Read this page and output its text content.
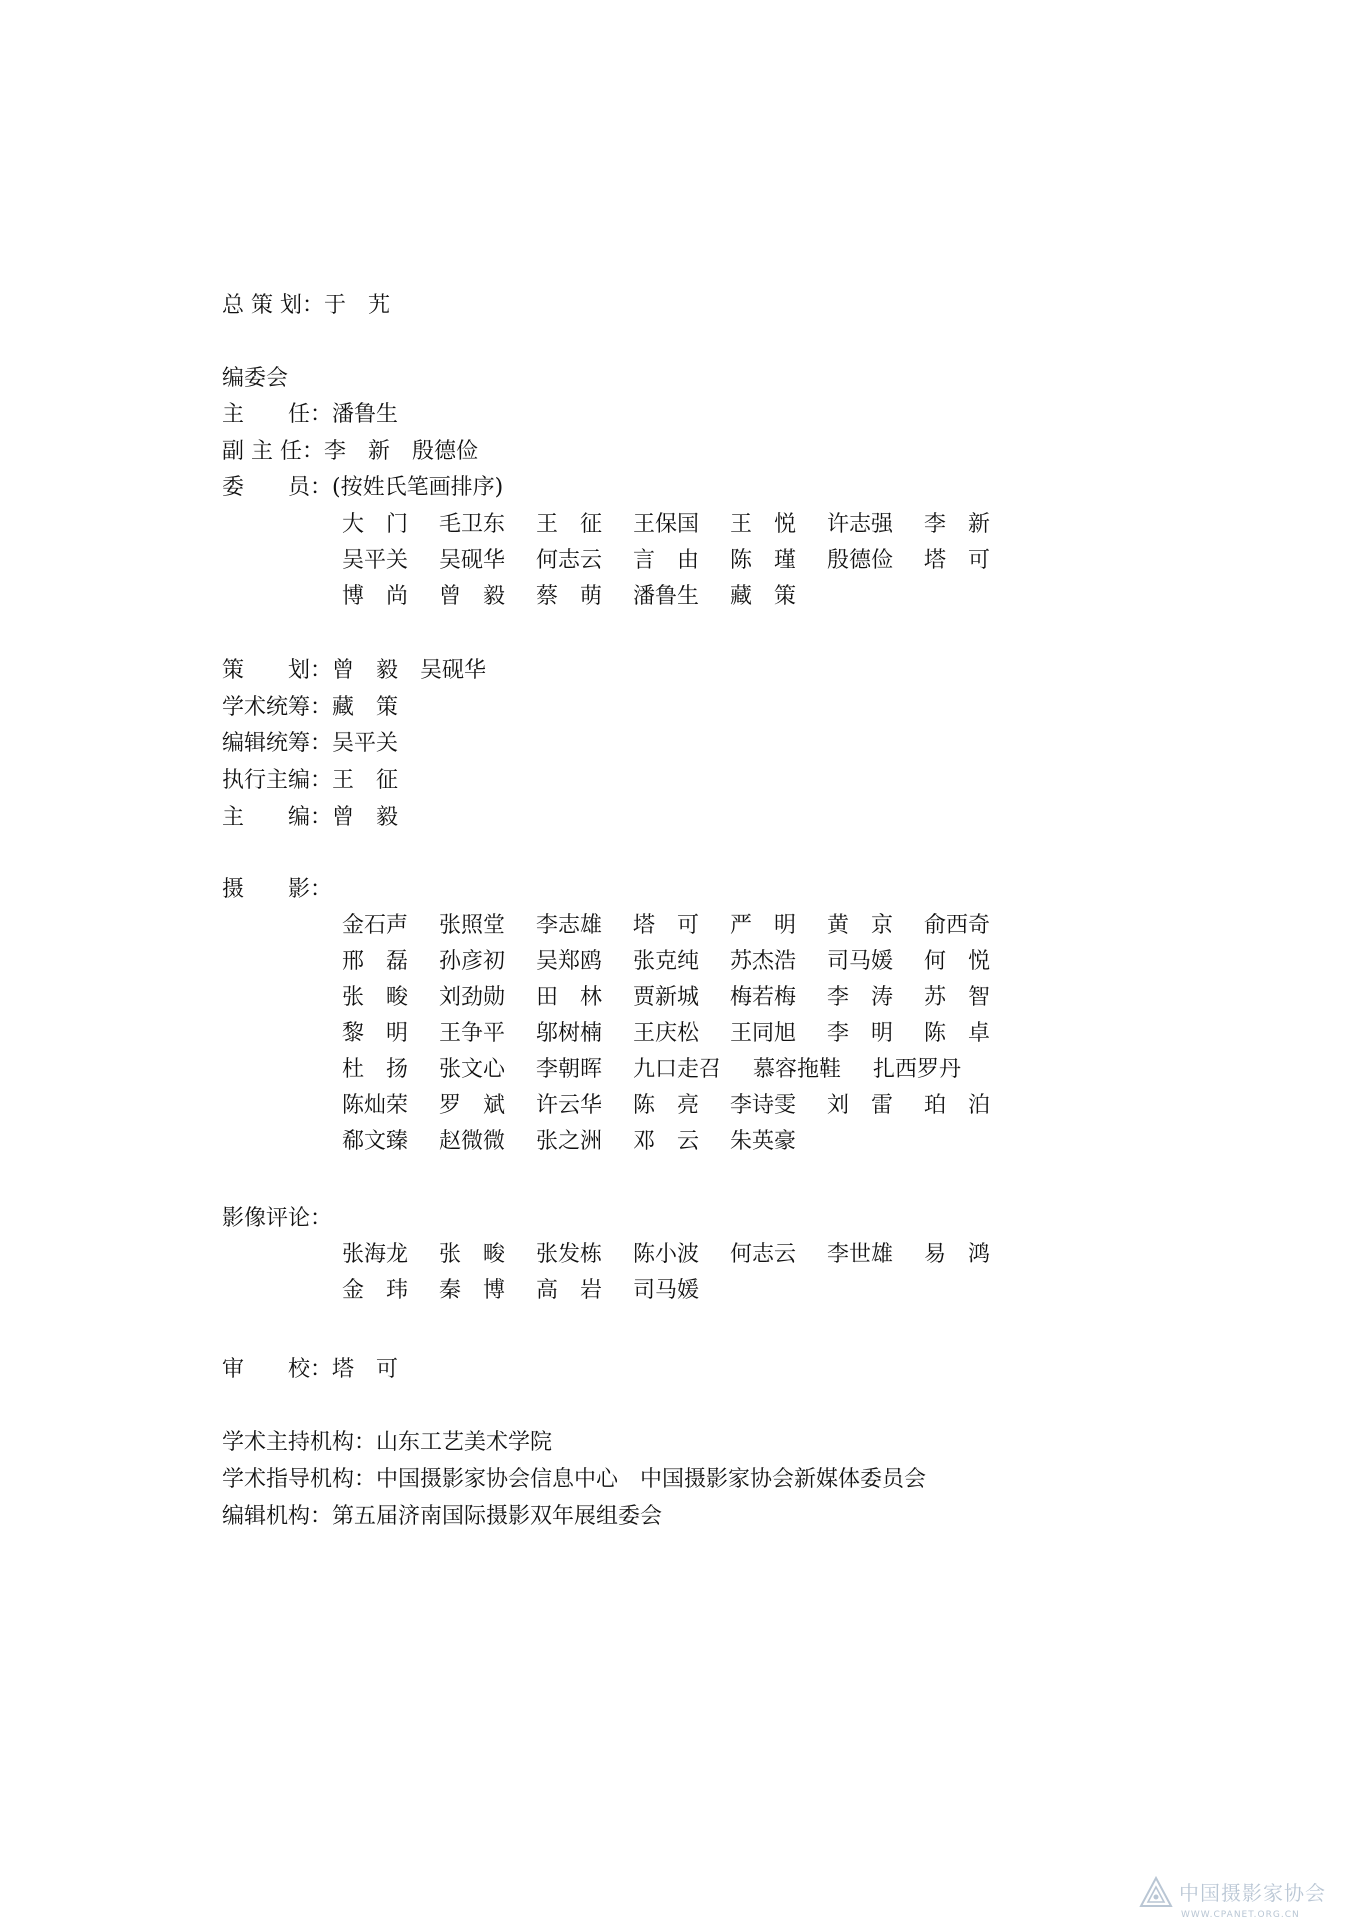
总 策 划：于　艽
编委会
主　　任：潘鲁生
副 主 任：李　新　殷德俭
委　　员：(按姓氏笔画排序)
大　门	毛卫东	王　征	王保国	王　悦	许志强	李　新
吴平关	吴砚华	何志云	言　由	陈　瑾	殷德俭	塔　可
博　尚	曾　毅	蔡　萌	潘鲁生	藏　策
策　　划：曾　毅　吴砚华
学术统筹：藏　策
编辑统筹：吴平关
执行主编：王　征
主　　编：曾　毅
摄　　影：
金石声	张照堂	李志雄	塔　可	严　明	黄　京	俞西奇
邢　磊	孙彦初	吴郑鸥	张克纯	苏杰浩	司马媛	何　悦
张　畯	刘劲勋	田　林	贾新城	梅若梅	李　涛	苏　智
黎　明	王争平	邬树楠	王庆松	王同旭	李　明	陈　卓
杜　扬	张文心	李朝晖	九口走召	慕容拖鞋	扎西罗丹
陈灿荣	罗　斌	许云华	陈　亮	李诗雯	刘　雷	珀　泊
郗文臻	赵微微	张之洲	邓　云	朱英豪
影像评论：
张海龙	张　畯	张发栋	陈小波	何志云	李世雄	易　鸿
金　玮	秦　博	高　岩	司马媛
审　　校：塔　可
学术主持机构：山东工艺美术学院
学术指导机构：中国摄影家协会信息中心　中国摄影家协会新媒体委员会
编辑机构：第五届济南国际摄影双年展组委会
中国摄影家协会
WWW.CPANET.ORG.CN
